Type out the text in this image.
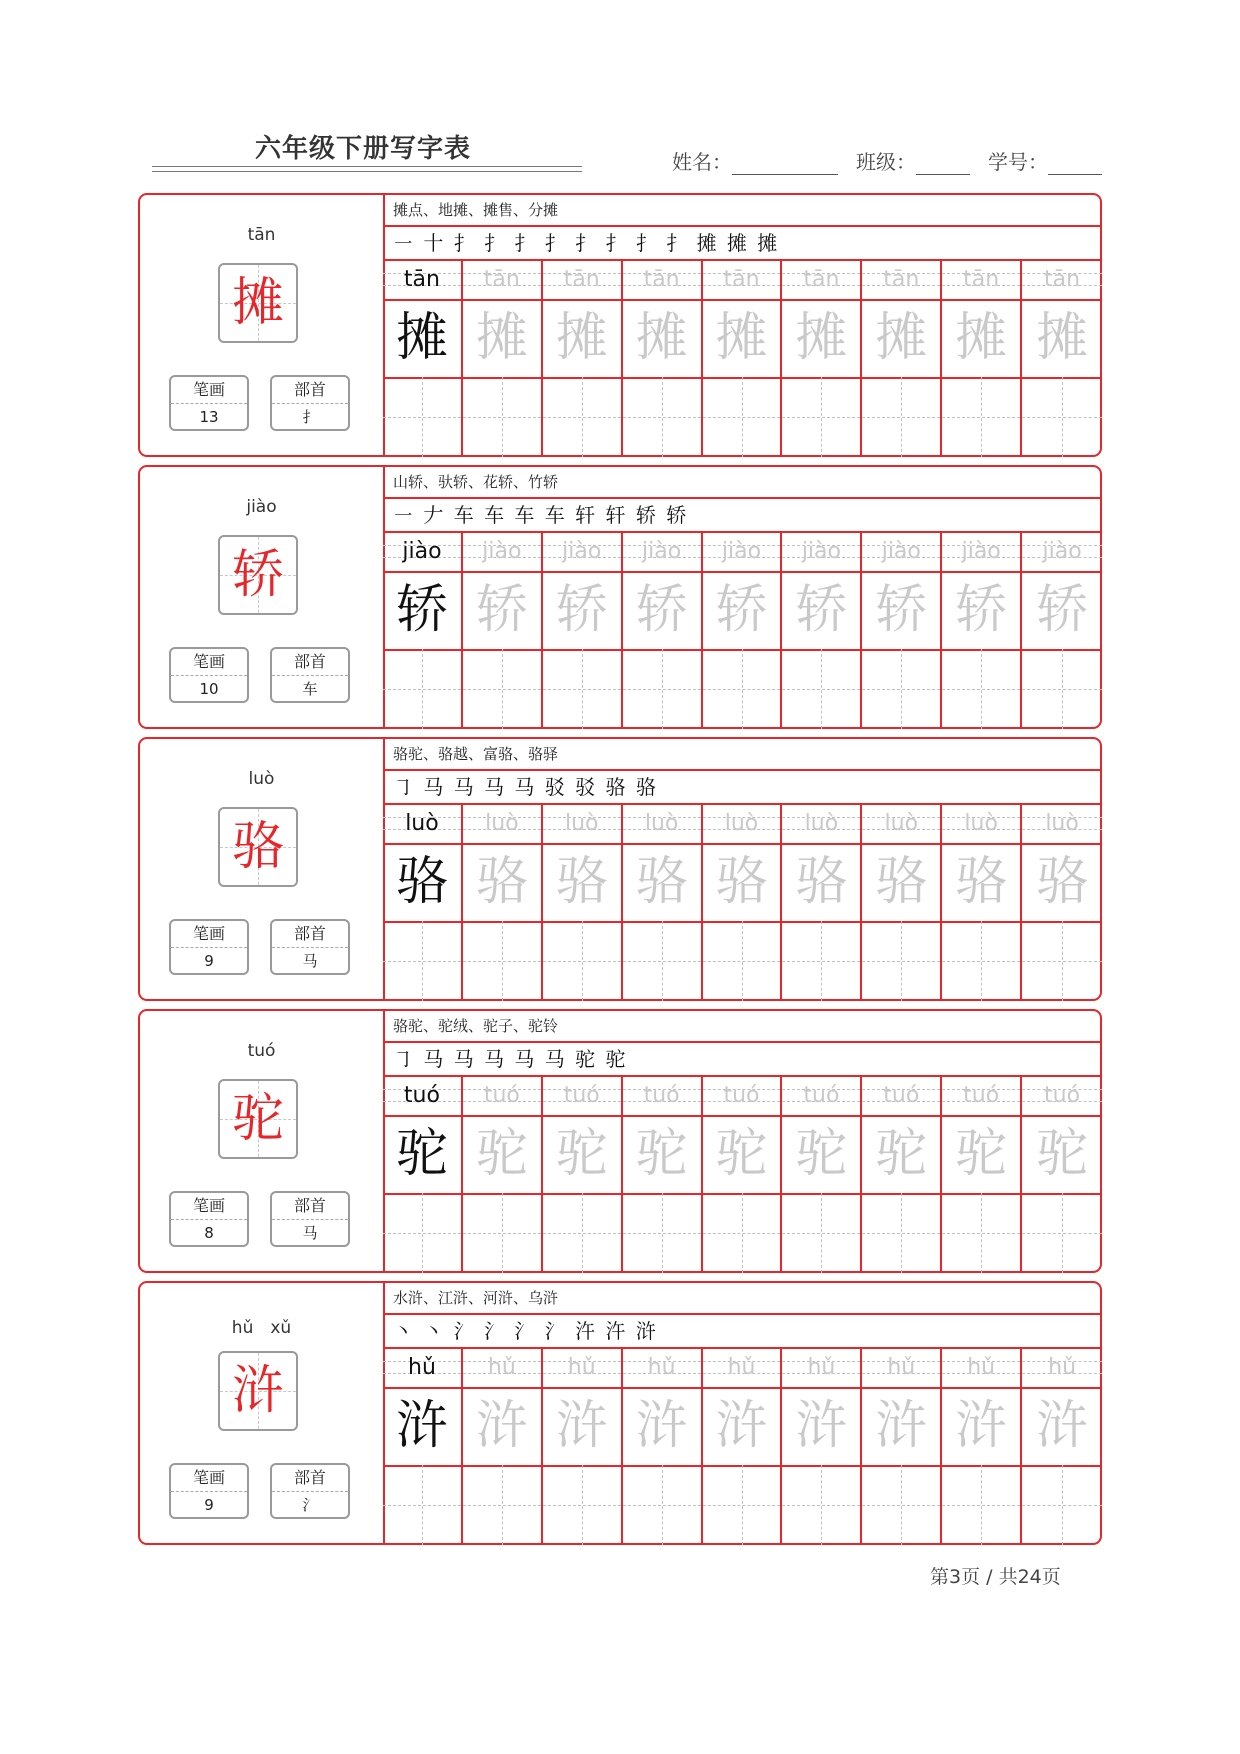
六年级下册写字表	姓名：	班级：	学号：
tān
摊
笔画
13
部首
扌
摊点、地摊、摊售、分摊
㇐ 十 扌 扌 扌 扌 扌 扌 扌 扌 摊 摊 摊
tān
摊
tān
摊
tān
摊
tān
摊
tān
摊
tān
摊
tān
摊
tān
摊
tān
摊
jiào
轿
笔画
10
部首
车
山轿、驮轿、花轿、竹轿
㇐ 𠂇 车 车 车 车 轩 轩 轿 轿
jiào
轿
jiào
轿
jiào
轿
jiào
轿
jiào
轿
jiào
轿
jiào
轿
jiào
轿
jiào
轿
luò
骆
笔画
9
部首
马
骆驼、骆越、富骆、骆驿
㇆ 马 马 马 马 驳 驳 骆 骆
luò
骆
luò
骆
luò
骆
luò
骆
luò
骆
luò
骆
luò
骆
luò
骆
luò
骆
tuó
驼
笔画
8
部首
马
骆驼、驼绒、驼子、驼铃
㇆ 马 马 马 马 马 驼 驼
tuó
驼
tuó
驼
tuó
驼
tuó
驼
tuó
驼
tuó
驼
tuó
驼
tuó
驼
tuó
驼
hǔ　xǔ
浒
笔画
9
部首
氵
水浒、江浒、河浒、乌浒
丶 丶 氵 氵 氵 氵 汻 汻 浒
hǔ
浒
hǔ
浒
hǔ
浒
hǔ
浒
hǔ
浒
hǔ
浒
hǔ
浒
hǔ
浒
hǔ
浒
第3页 / 共24页
